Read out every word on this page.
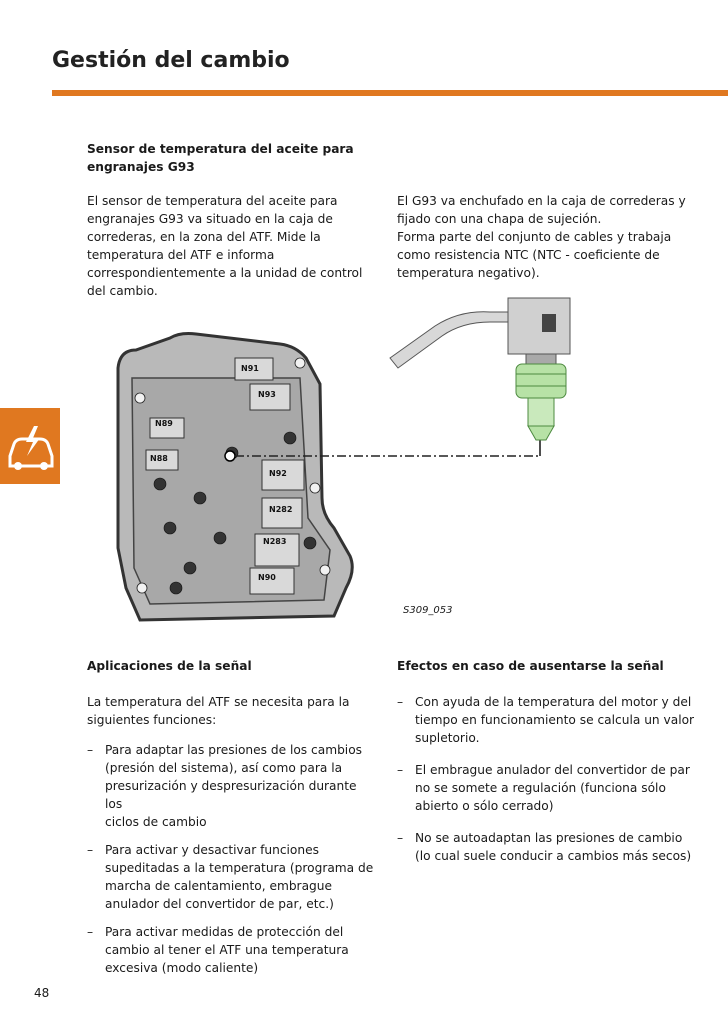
Gestión del cambio
Sensor de temperatura del aceite para
engranajes G93
El sensor de temperatura del aceite para
engranajes G93 va situado en la caja de
correderas, en la zona del ATF. Mide la
temperatura del ATF e informa
correspondientemente a la unidad de control
del cambio.
El G93 va enchufado en la caja de correderas y
fijado con una chapa de sujeción.
Forma parte del conjunto de cables y trabaja
como resistencia NTC (NTC - coeficiente de
temperatura negativo).
N91
N93
N89
N88
N92
N282
N283
N90
S309_053
Aplicaciones de la señal
La temperatura del ATF se necesita para la
siguientes funciones:
– Para adaptar las presiones de los cambios
(presión del sistema), así como para la
presurización y despresurización durante los
ciclos de cambio
– Para activar y desactivar funciones
supeditadas a la temperatura (programa de
marcha de calentamiento, embrague
anulador del convertidor de par, etc.)
– Para activar medidas de protección del
cambio al tener el ATF una temperatura
excesiva (modo caliente)
Efectos en caso de ausentarse la señal
– Con ayuda de la temperatura del motor y del
tiempo en funcionamiento se calcula un valor
supletorio.
– El embrague anulador del convertidor de par
no se somete a regulación (funciona sólo
abierto o sólo cerrado)
– No se autoadaptan las presiones de cambio
(lo cual suele conducir a cambios más secos)
48
